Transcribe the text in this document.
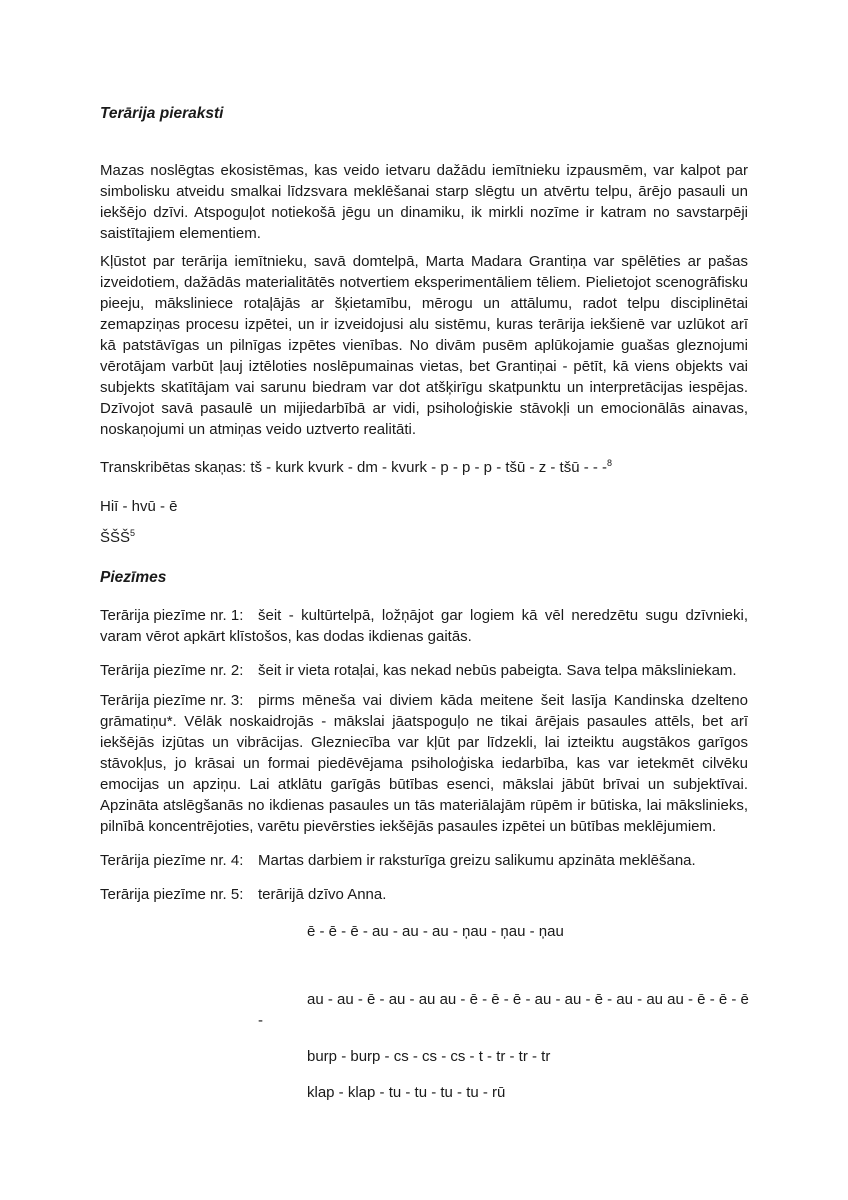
Terārija pieraksti

Mazas noslēgtas ekosistēmas, kas veido ietvaru dažādu iemītnieku izpausmēm, var kalpot par simbolisku atveidu smalkai līdzsvara meklēšanai starp slēgtu un atvērtu telpu, ārējo pasauli un iekšējo dzīvi. Atspoguļot notiekošā jēgu un dinamiku, ik mirkli nozīme ir katram no savstarpēji saistītajiem elementiem.

Kļūstot par terārija iemītnieku, savā domtelpā, Marta Madara Grantiņa var spēlēties ar pašas izveidotiem, dažādās materialitātēs notvertiem eksperimentāliem tēliem. Pielietojot scenogrāfisku pieeju, māksliniece rotaļājās ar šķietamību, mērogu un attālumu, radot telpu disciplinētai zemapziņas procesu izpētei, un ir izveidojusi alu sistēmu, kuras terārija iekšienē var uzlūkot arī kā patstāvīgas un pilnīgas izpētes vienības. No divām pusēm aplūkojamie guašas gleznojumi vērotājam varbūt ļauj iztēloties noslēpumainas vietas, bet Grantiņai - pētīt, kā viens objekts vai subjekts skatītājam vai sarunu biedram var dot atšķirīgu skatpunktu un interpretācijas iespējas. Dzīvojot savā pasaulē un mijiedarbībā ar vidi, psiholoģiskie stāvokļi un emocionālās ainavas, noskaņojumi un atmiņas veido uztverto realitāti.

Transkribētas skaņas: tš - kurk kvurk - dm - kvurk - p - p - p - tšū - z - tšū - - -$^8$

Hiī - hvū - ē

ŠŠŠ$^5$

Piezīmes

Terārija piezīme nr. 1: šeit - kultūrtelpā, ložņājot gar logiem kā vēl neredzētu sugu dzīvnieki, varam vērot apkārt klīstošos, kas dodas ikdienas gaitās.

Terārija piezīme nr. 2: šeit ir vieta rotaļai, kas nekad nebūs pabeigta. Sava telpa māksliniekam.

Terārija piezīme nr. 3: pirms mēneša vai diviem kāda meitene šeit lasīja Kandinska dzelteno grāmatiņu*. Vēlāk noskaidrojās - mākslai jāatspoguļo ne tikai ārējais pasaules attēls, bet arī iekšējās izjūtas un vibrācijas. Glezniecība var kļūt par līdzekli, lai izteiktu augstākos garīgos stāvokļus, jo krāsai un formai piedēvējama psiholoģiska iedarbība, kas var ietekmēt cilvēku emocijas un apziņu. Lai atklātu garīgās būtības esenci, mākslai jābūt brīvai un subjektīvai. Apzināta atslēgšanās no ikdienas pasaules un tās materiālajām rūpēm ir būtiska, lai mākslinieks, pilnībā koncentrējoties, varētu pievērsties iekšējās pasaules izpētei un būtības meklējumiem.

Terārija piezīme nr. 4: Martas darbiem ir raksturīga greizu salikumu apzināta meklēšana.

Terārija piezīme nr. 5: terārijā dzīvo Anna.

ē - ē - ē - au - au - au - ņau - ņau - ņau

au - au - ē - au - au au - ē - ē - ē - au - au - ē - au - au au - ē - ē - ē

-

burp - burp - cs - cs - cs - t - tr - tr - tr

klap - klap - tu - tu - tu - tu - rū
